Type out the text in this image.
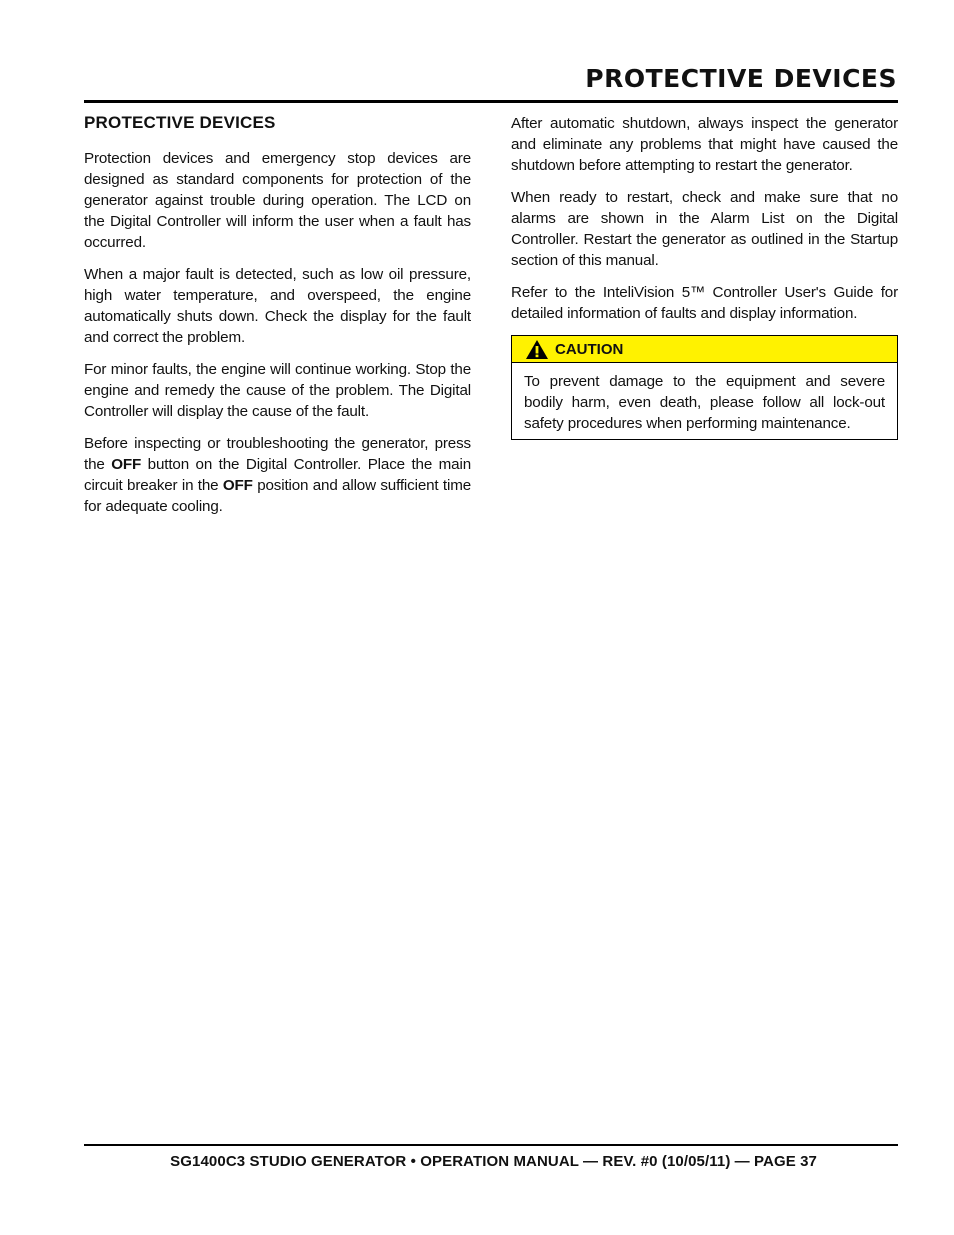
PROTECTIVE DEVICES
PROTECTIVE DEVICES

Protection devices and emergency stop devices are designed as standard components for protection of the generator against trouble during operation. The LCD on the Digital Controller will inform the user when a fault has occurred.

When a major fault is detected, such as low oil pressure, high water temperature, and overspeed, the engine automatically shuts down. Check the display for the fault and correct the problem.

For minor faults, the engine will continue working. Stop the engine and remedy the cause of the problem. The Digital Controller will display the cause of the fault.

Before inspecting or troubleshooting the generator, press the OFF button on the Digital Controller. Place the main circuit breaker in the OFF position and allow sufficient time for adequate cooling.

After automatic shutdown, always inspect the generator and eliminate any problems that might have caused the shutdown before attempting to restart the generator.

When ready to restart, check and make sure that no alarms are shown in the Alarm List on the Digital Controller. Restart the generator as outlined in the Startup section of this manual.

Refer to the InteliVision 5™ Controller User's Guide for detailed information of faults and display information.

CAUTION

To prevent damage to the equipment and severe bodily harm, even death, please follow all lock-out safety procedures when performing maintenance.

SG1400C3 STUDIO GENERATOR • OPERATION MANUAL — REV. #0 (10/05/11) — PAGE 37
